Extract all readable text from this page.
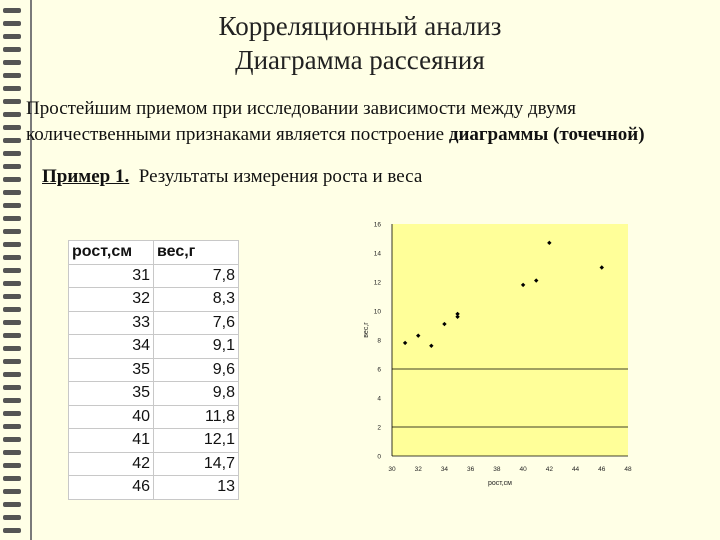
Корреляционный анализ
Диаграмма рассеяния
Простейшим приемом при исследовании зависимости между двумя количественными признаками является построение диаграммы (точечной)
Пример 1. Результаты измерения роста и веса
рост,см	вес,г
31	7,8
32	8,3
33	7,6
34	9,1
35	9,6
35	9,8
40	11,8
41	12,1
42	14,7
46	13
0
2
4
6
8
10
12
14
16
30	32	34	36	38	40	42	44	46	48
рост,см
вес,г
